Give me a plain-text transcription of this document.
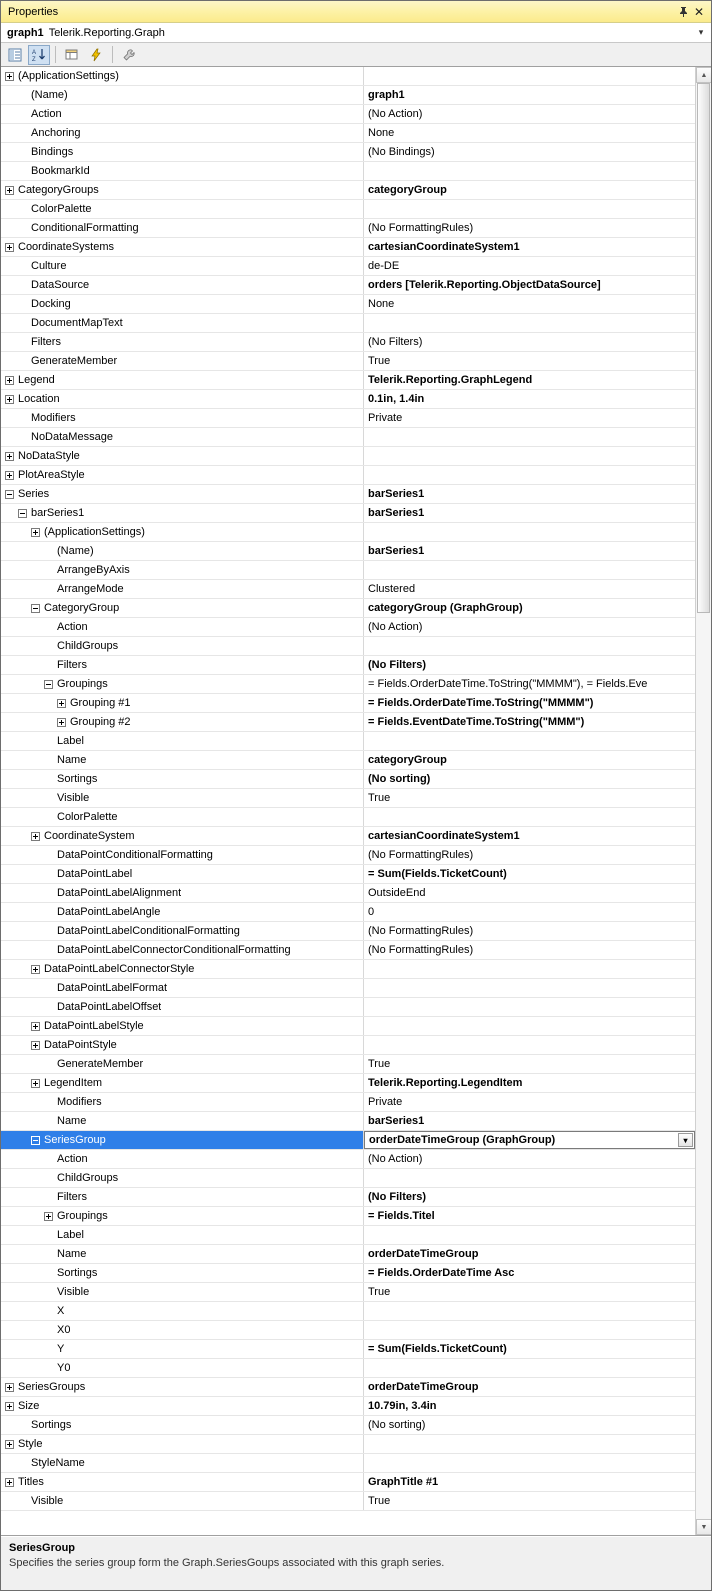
Properties	✕
graph1 Telerik.Reporting.Graph	▾
A
Z
(ApplicationSettings)
(Name)	graph1
Action	(No Action)
Anchoring	None
Bindings	(No Bindings)
BookmarkId
CategoryGroups	categoryGroup
ColorPalette
ConditionalFormatting	(No FormattingRules)
CoordinateSystems	cartesianCoordinateSystem1
Culture	de-DE
DataSource	orders [Telerik.Reporting.ObjectDataSource]
Docking	None
DocumentMapText
Filters	(No Filters)
GenerateMember	True
Legend	Telerik.Reporting.GraphLegend
Location	0.1in, 1.4in
Modifiers	Private
NoDataMessage
NoDataStyle
PlotAreaStyle
Series	barSeries1
barSeries1	barSeries1
(ApplicationSettings)
(Name)	barSeries1
ArrangeByAxis
ArrangeMode	Clustered
CategoryGroup	categoryGroup (GraphGroup)
Action	(No Action)
ChildGroups
Filters	(No Filters)
Groupings	= Fields.OrderDateTime.ToString("MMMM"), = Fields.Eve
Grouping #1	= Fields.OrderDateTime.ToString("MMMM")
Grouping #2	= Fields.EventDateTime.ToString("MMM")
Label
Name	categoryGroup
Sortings	(No sorting)
Visible	True
ColorPalette
CoordinateSystem	cartesianCoordinateSystem1
DataPointConditionalFormatting	(No FormattingRules)
DataPointLabel	= Sum(Fields.TicketCount)
DataPointLabelAlignment	OutsideEnd
DataPointLabelAngle	0
DataPointLabelConditionalFormatting	(No FormattingRules)
DataPointLabelConnectorConditionalFormatting	(No FormattingRules)
DataPointLabelConnectorStyle
DataPointLabelFormat
DataPointLabelOffset
DataPointLabelStyle
DataPointStyle
GenerateMember	True
LegendItem	Telerik.Reporting.LegendItem
Modifiers	Private
Name	barSeries1
SeriesGroup	orderDateTimeGroup (GraphGroup)	▾
Action	(No Action)
ChildGroups
Filters	(No Filters)
Groupings	= Fields.Titel
Label
Name	orderDateTimeGroup
Sortings	= Fields.OrderDateTime Asc
Visible	True
X
X0
Y	= Sum(Fields.TicketCount)
Y0
SeriesGroups	orderDateTimeGroup
Size	10.79in, 3.4in
Sortings	(No sorting)
Style
StyleName
Titles	GraphTitle #1
Visible	True
▲
▼
SeriesGroup
Specifies the series group form the Graph.SeriesGoups associated with this graph series.
